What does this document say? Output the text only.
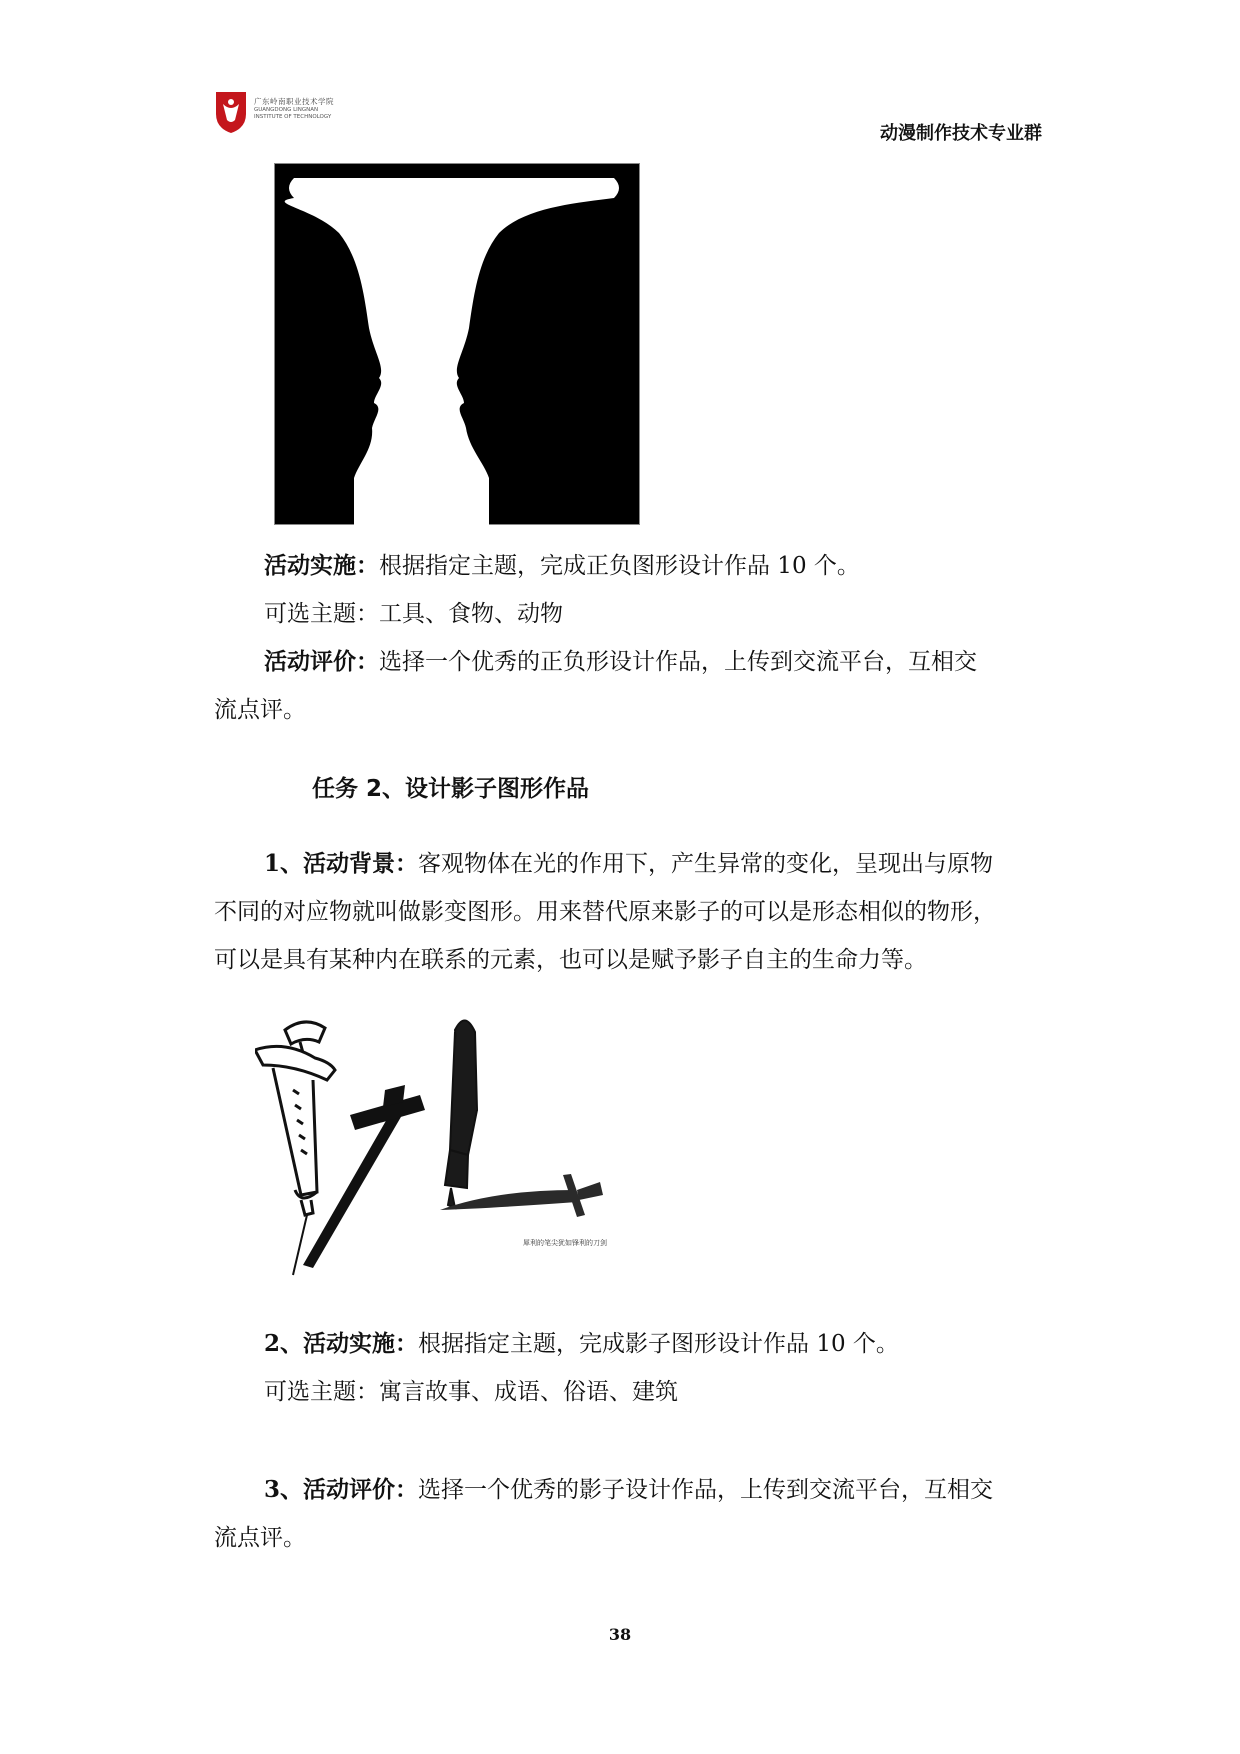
广东岭南职业技术学院
GUANGDONG LINGNAN
INSTITUTE OF TECHNOLOGY
动漫制作技术专业群
活动实施：根据指定主题，完成正负图形设计作品 10 个。
可选主题：工具、食物、动物
活动评价：选择一个优秀的正负形设计作品，上传到交流平台，互相交
流点评。
任务 2、设计影子图形作品
1、活动背景：客观物体在光的作用下，产生异常的变化，呈现出与原物
不同的对应物就叫做影变图形。用来替代原来影子的可以是形态相似的物形，
可以是具有某种内在联系的元素，也可以是赋予影子自主的生命力等。
犀利的笔尖犹如锋利的刀剑
2、活动实施：根据指定主题，完成影子图形设计作品 10 个。
可选主题：寓言故事、成语、俗语、建筑
3、活动评价：选择一个优秀的影子设计作品，上传到交流平台，互相交
流点评。
38
